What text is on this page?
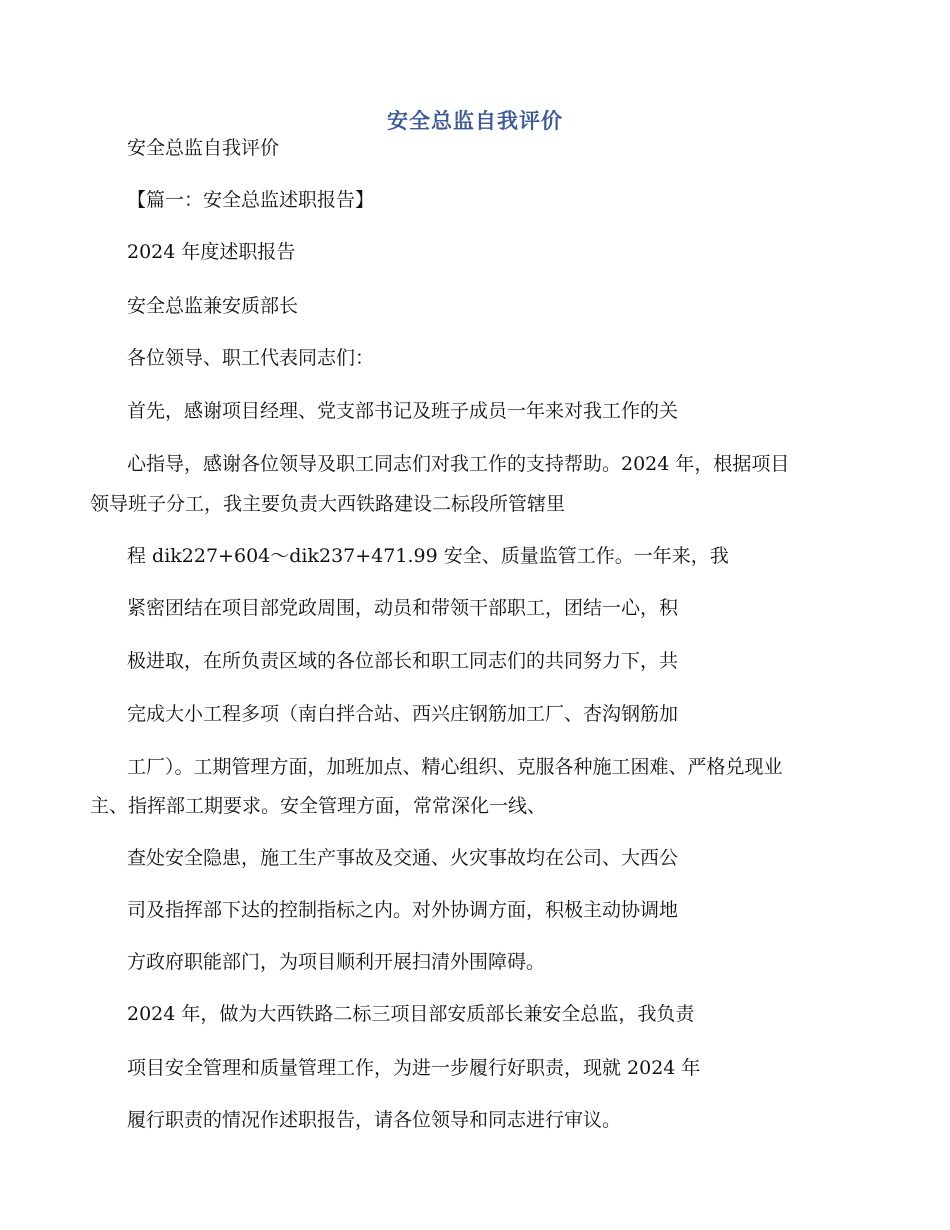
安全总监自我评价
安全总监自我评价
【篇一：安全总监述职报告】
2024 年度述职报告
安全总监兼安质部长
各位领导、职工代表同志们：
首先，感谢项目经理、党支部书记及班子成员一年来对我工作的关
心指导，感谢各位领导及职工同志们对我工作的支持帮助。2024 年，根据项目
领导班子分工，我主要负责大西铁路建设二标段所管辖里
程 dik227+604～dik237+471.99 安全、质量监管工作。一年来，我
紧密团结在项目部党政周围，动员和带领干部职工，团结一心，积
极进取，在所负责区域的各位部长和职工同志们的共同努力下，共
完成大小工程多项（南白拌合站、西兴庄钢筋加工厂、杏沟钢筋加
工厂）。工期管理方面，加班加点、精心组织、克服各种施工困难、严格兑现业
主、指挥部工期要求。安全管理方面，常常深化一线、
查处安全隐患，施工生产事故及交通、火灾事故均在公司、大西公
司及指挥部下达的控制指标之内。对外协调方面，积极主动协调地
方政府职能部门，为项目顺利开展扫清外围障碍。
2024 年，做为大西铁路二标三项目部安质部长兼安全总监，我负责
项目安全管理和质量管理工作，为进一步履行好职责，现就 2024 年
履行职责的情况作述职报告，请各位领导和同志进行审议。
